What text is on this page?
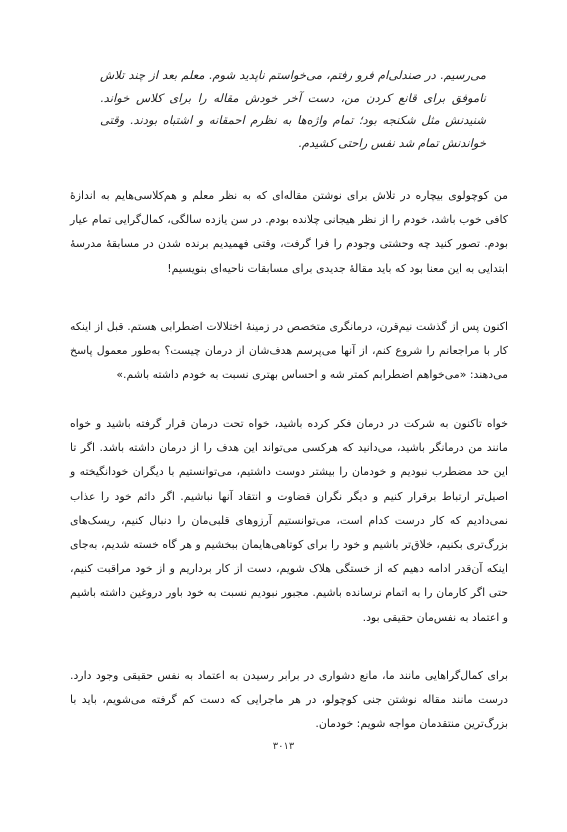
می‌رسیم. در صندلی‌ام فرو رفتم، می‌خواستم ناپدید شوم. معلم بعد از چند تلاش ناموفق برای قانع کردن من، دست آخر خودش مقاله را برای کلاس خواند. شنیدنش مثل شکنجه بود؛ تمام واژه‌ها به نظرم احمقانه و اشتباه بودند. وقتی خواندنش تمام شد نفس راحتی کشیدم.
من کوچولوی بیچاره در تلاش برای نوشتن مقاله‌ای که به نظر معلم و هم‌کلاسی‌هایم به اندازهٔ کافی خوب باشد، خودم را از نظر هیجانی چلانده بودم. در سن یازده سالگی، کمال‌گرایی تمام عیار بودم. تصور کنید چه وحشتی وجودم را فرا گرفت، وقتی فهمیدیم برنده شدن در مسابقهٔ مدرسهٔ ابتدایی به این معنا بود که باید مقالهٔ جدیدی برای مسابقات ناحیه‌ای بنویسیم!
اکنون پس از گذشت نیم‌قرن، درمانگری متخصص در زمینهٔ اختلالات اضطرابی هستم. قبل از اینکه کار با مراجعانم را شروع کنم، از آنها می‌پرسم هدف‌شان از درمان چیست؟ به‌طور معمول پاسخ می‌دهند: «می‌خواهم اضطرابم کمتر شه و احساس بهتری نسبت به خودم داشته باشم.»
خواه تاکنون به شرکت در درمان فکر کرده باشید، خواه تحت درمان قرار گرفته باشید و خواه مانند من درمانگر باشید، می‌دانید که هرکسی می‌تواند این هدف را از درمان داشته باشد. اگر تا این حد مضطرب نبودیم و خودمان را بیشتر دوست داشتیم، می‌توانستیم با دیگران خودانگیخته و اصیل‌تر ارتباط برقرار کنیم و دیگر نگران قضاوت و انتقاد آنها نباشیم. اگر دائم خود را عذاب نمی‌دادیم که کار درست کدام است، می‌توانستیم آرزوهای قلبی‌مان را دنبال کنیم، ریسک‌های بزرگ‌تری بکنیم، خلاق‌تر باشیم و خود را برای کوتاهی‌هایمان ببخشیم و هر گاه خسته شدیم، به‌جای اینکه آن‌قدر ادامه دهیم که از خستگی هلاک شویم، دست از کار برداریم و از خود مراقبت کنیم، حتی اگر کارمان را به اتمام نرسانده باشیم. مجبور نبودیم نسبت به خود باور دروغین داشته باشیم و اعتماد به نفس‌مان حقیقی بود.
برای کمال‌گراهایی مانند ما، مانع دشواری در برابر رسیدن به اعتماد به نفس حقیقی وجود دارد. درست مانند مقاله نوشتن جنی کوچولو، در هر ماجرایی که دست کم گرفته می‌شویم، باید با بزرگ‌ترین منتقدمان مواجه شویم: خودمان.
۳۰۱۳
